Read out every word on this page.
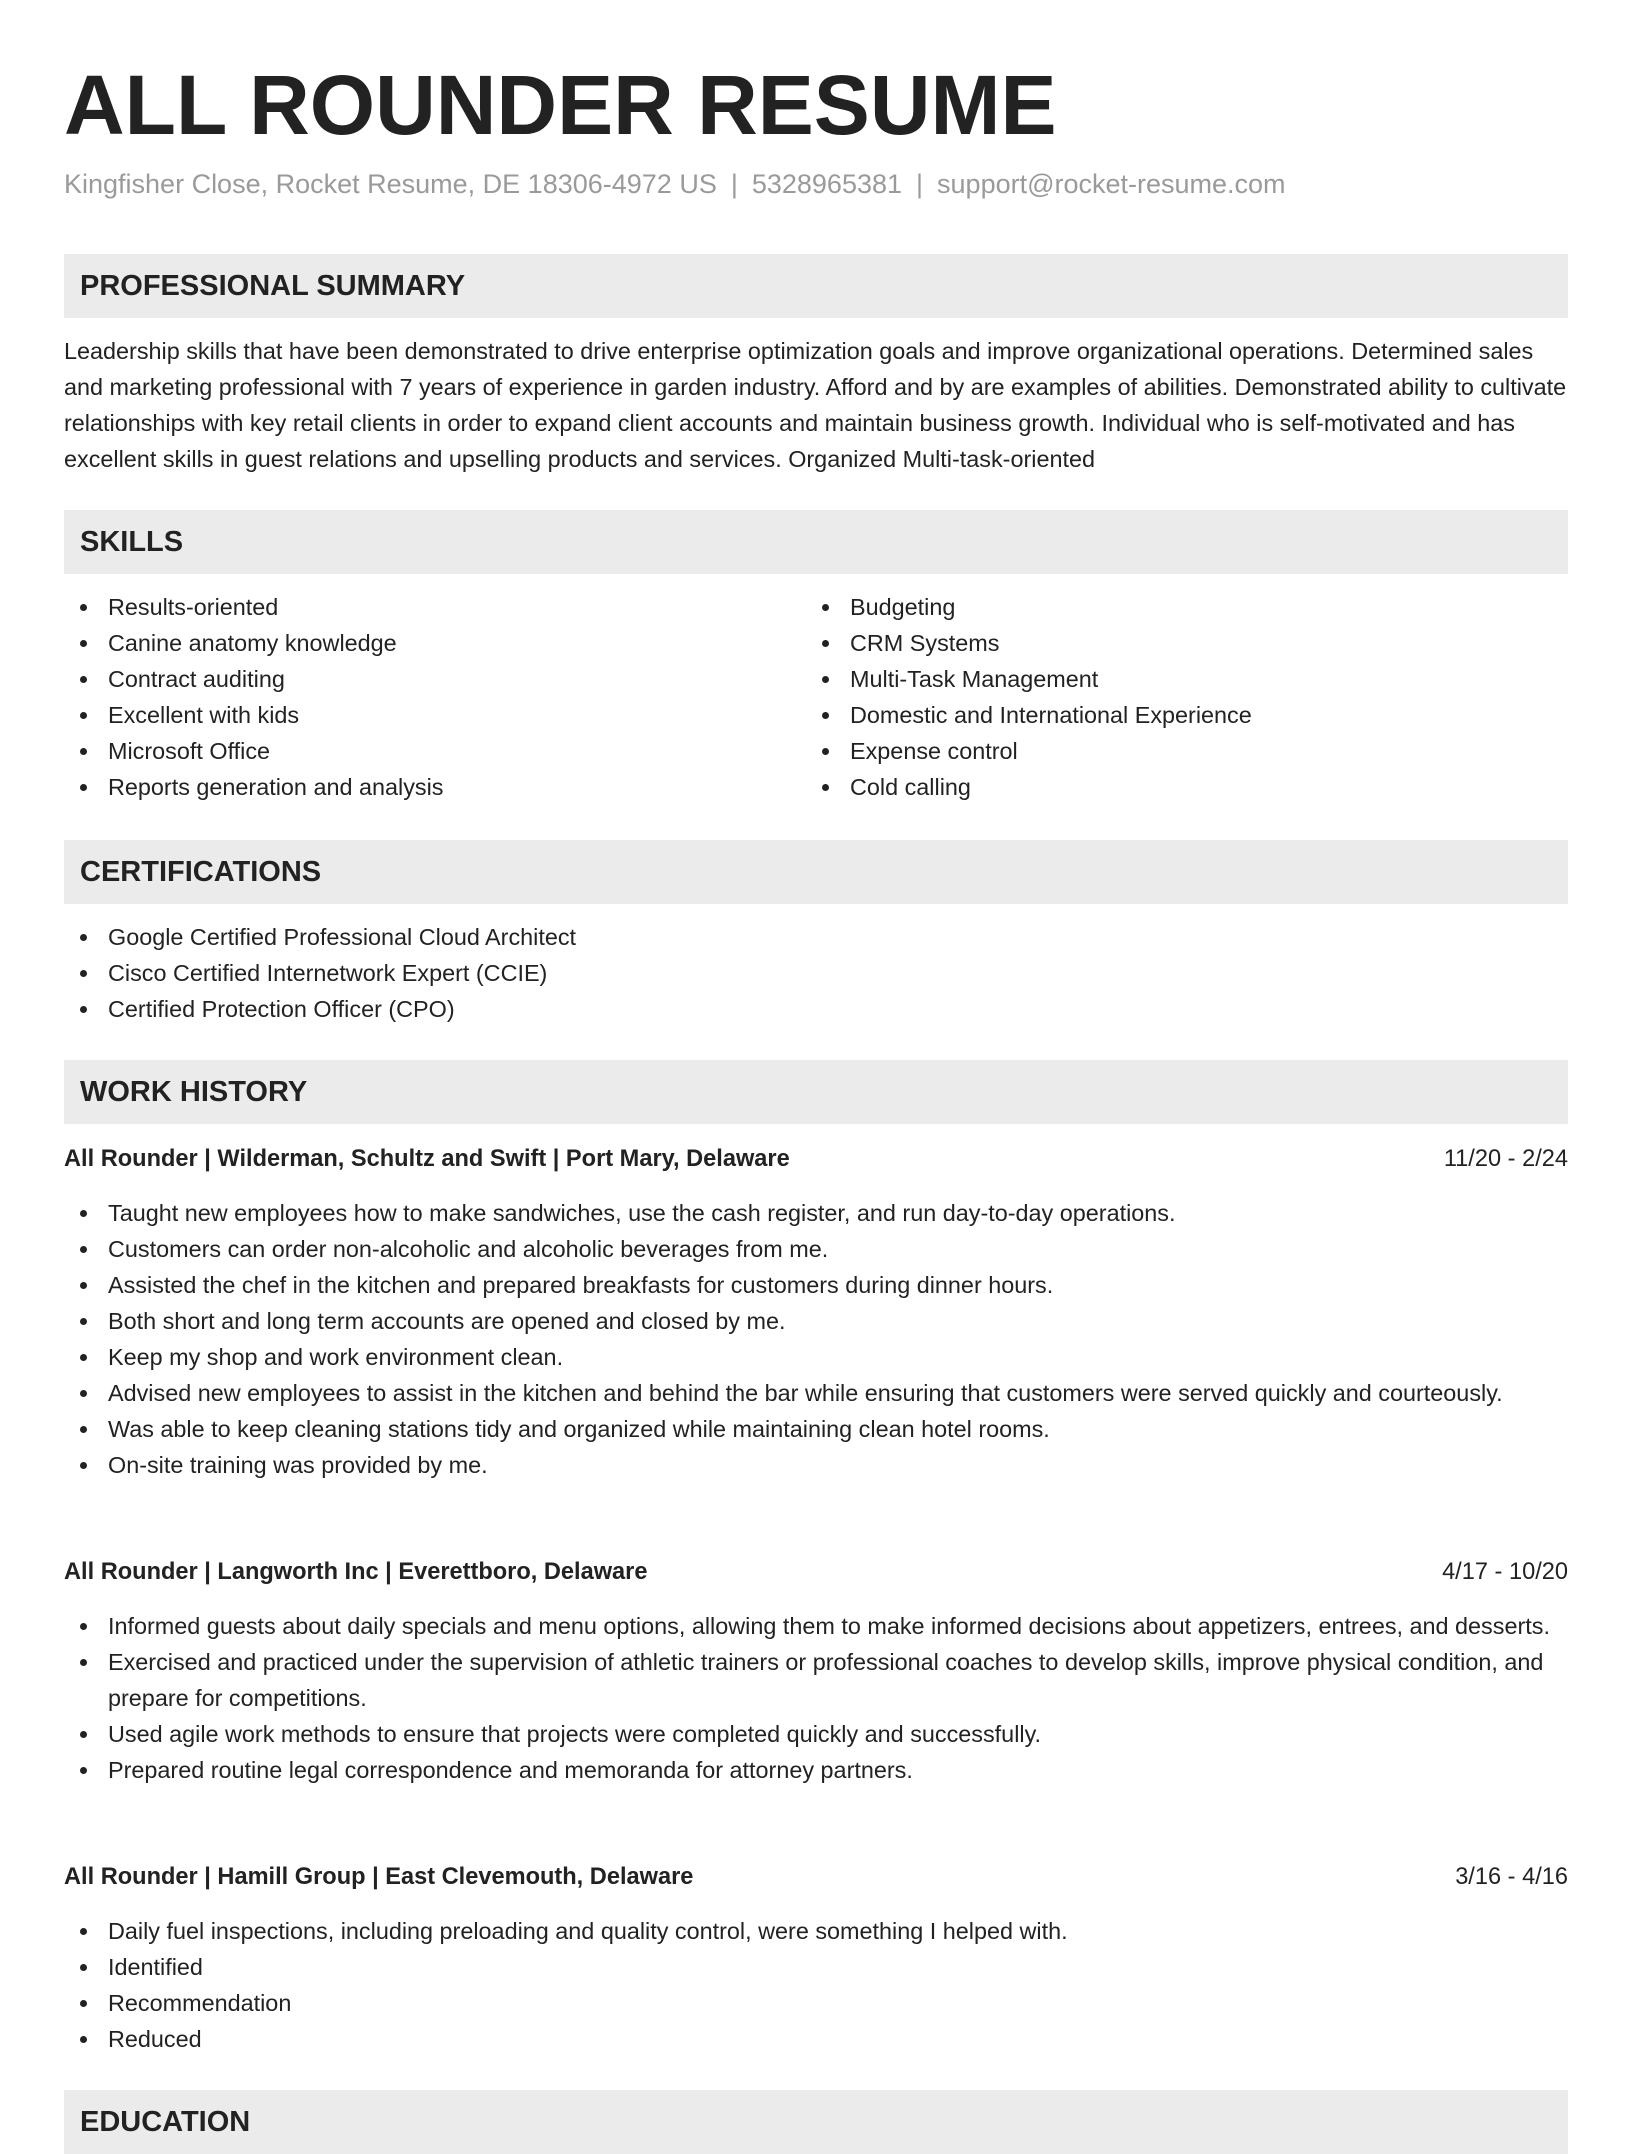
ALL ROUNDER RESUME
Kingfisher Close, Rocket Resume, DE 18306-4972 US | 5328965381 | support@rocket-resume.com
PROFESSIONAL SUMMARY

Leadership skills that have been demonstrated to drive enterprise optimization goals and improve organizational operations. Determined sales and marketing professional with 7 years of experience in garden industry. Afford and by are examples of abilities. Demonstrated ability to cultivate relationships with key retail clients in order to expand client accounts and maintain business growth. Individual who is self-motivated and has excellent skills in guest relations and upselling products and services. Organized Multi-task-oriented

SKILLS
Results-oriented
Canine anatomy knowledge
Contract auditing
Excellent with kids
Microsoft Office
Reports generation and analysis
Budgeting
CRM Systems
Multi-Task Management
Domestic and International Experience
Expense control
Cold calling
CERTIFICATIONS
Google Certified Professional Cloud Architect
Cisco Certified Internetwork Expert (CCIE)
Certified Protection Officer (CPO)
WORK HISTORY
All Rounder | Wilderman, Schultz and Swift | Port Mary, Delaware	11/20 - 2/24
Taught new employees how to make sandwiches, use the cash register, and run day-to-day operations.
Customers can order non-alcoholic and alcoholic beverages from me.
Assisted the chef in the kitchen and prepared breakfasts for customers during dinner hours.
Both short and long term accounts are opened and closed by me.
Keep my shop and work environment clean.
Advised new employees to assist in the kitchen and behind the bar while ensuring that customers were served quickly and courteously.
Was able to keep cleaning stations tidy and organized while maintaining clean hotel rooms.
On-site training was provided by me.
All Rounder | Langworth Inc | Everettboro, Delaware	4/17 - 10/20
Informed guests about daily specials and menu options, allowing them to make informed decisions about appetizers, entrees, and desserts.
Exercised and practiced under the supervision of athletic trainers or professional coaches to develop skills, improve physical condition, and prepare for competitions.
Used agile work methods to ensure that projects were completed quickly and successfully.
Prepared routine legal correspondence and memoranda for attorney partners.
All Rounder | Hamill Group | East Clevemouth, Delaware	3/16 - 4/16
Daily fuel inspections, including preloading and quality control, were something I helped with.
Identified
Recommendation
Reduced
EDUCATION
